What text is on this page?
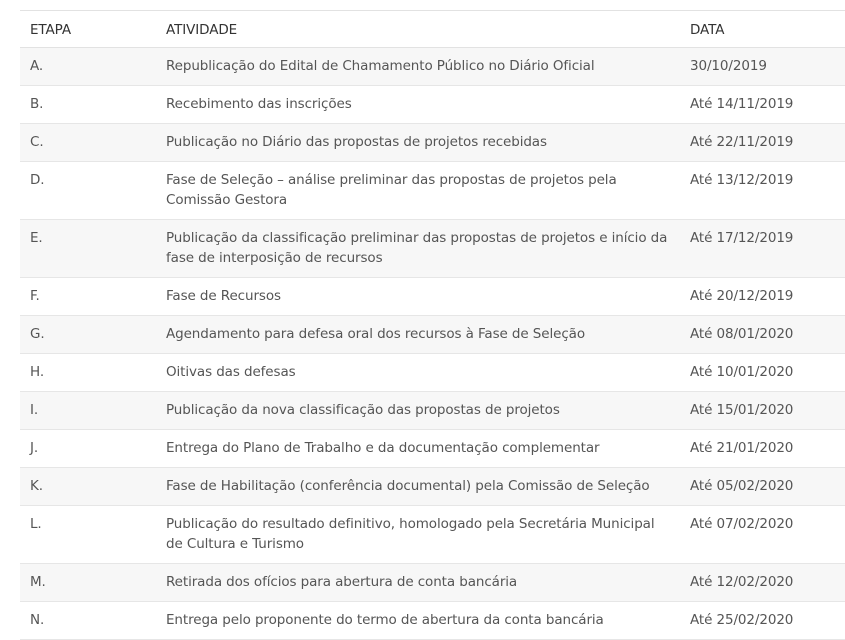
ETAPA	ATIVIDADE	DATA
A.	Republicação do Edital de Chamamento Público no Diário Oficial	30/10/2019
B.	Recebimento das inscrições	Até 14/11/2019
C.	Publicação no Diário das propostas de projetos recebidas	Até 22/11/2019
D.	Fase de Seleção – análise preliminar das propostas de projetos pela Comissão Gestora	Até 13/12/2019
E.	Publicação da classificação preliminar das propostas de projetos e início da fase de interposição de recursos	Até 17/12/2019
F.	Fase de Recursos	Até 20/12/2019
G.	Agendamento para defesa oral dos recursos à Fase de Seleção	Até 08/01/2020
H.	Oitivas das defesas	Até 10/01/2020
I.	Publicação da nova classificação das propostas de projetos	Até 15/01/2020
J.	Entrega do Plano de Trabalho e da documentação complementar	Até 21/01/2020
K.	Fase de Habilitação (conferência documental) pela Comissão de Seleção	Até 05/02/2020
L.	Publicação do resultado definitivo, homologado pela Secretária Municipal de Cultura e Turismo	Até 07/02/2020
M.	Retirada dos ofícios para abertura de conta bancária	Até 12/02/2020
N.	Entrega pelo proponente do termo de abertura da conta bancária	Até 25/02/2020
